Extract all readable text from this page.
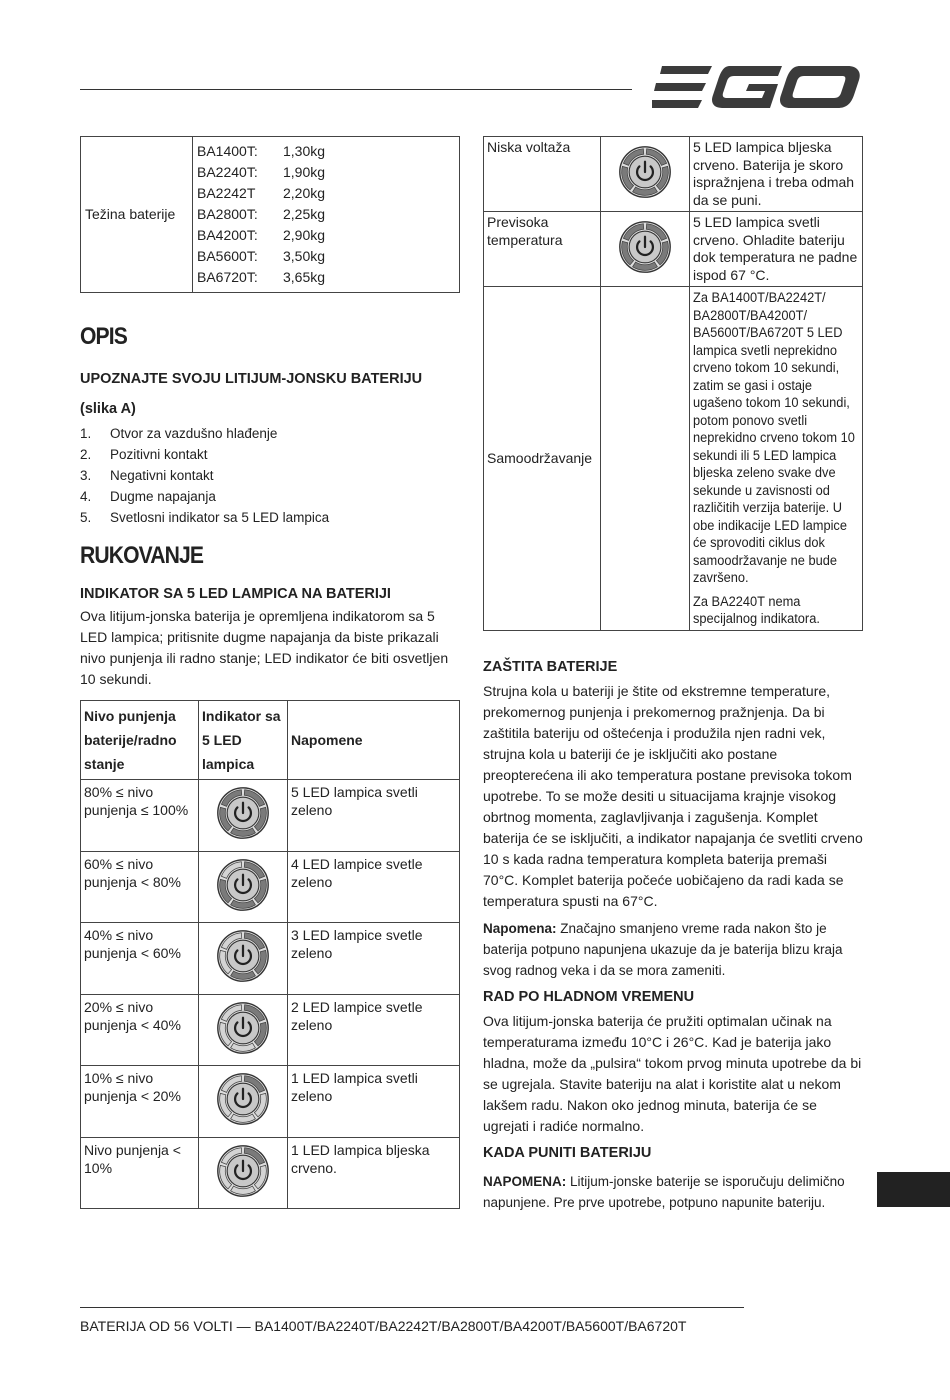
Težina baterije	
BA1400T:	1,30kg
BA2240T:	1,90kg
BA2242T	2,20kg
BA2800T:	2,25kg
BA4200T:	2,90kg
BA5600T:	3,50kg
BA6720T:	3,65kg
OPIS
UPOZNAJTE SVOJU LITIJUM-JONSKU BATERIJU
(slika A)
1.	Otvor za vazdušno hlađenje
2.	Pozitivni kontakt
3.	Negativni kontakt
4.	Dugme napajanja
5.	Svetlosni indikator sa 5 LED lampica
RUKOVANJE
INDIKATOR SA 5 LED LAMPICA NA BATERIJI

Ova litijum-jonska baterija je opremljena indikatorom sa 5 LED lampica; pritisnite dugme napajanja da biste prikazali nivo punjenja ili radno stanje; LED indikator će biti osvetljen 10 sekundi.

Nivo punjenja baterije/radno stanje	Indikator sa 5 LED lampica	Napomene
80% ≤ nivo punjenja ≤ 100%		5 LED lampica svetli zeleno
60% ≤ nivo punjenja < 80%		4 LED lampice svetle zeleno
40% ≤ nivo punjenja < 60%		3 LED lampice svetle zeleno
20% ≤ nivo punjenja < 40%		2 LED lampice svetle zeleno
10% ≤ nivo punjenja < 20%		1 LED lampica svetli zeleno
Nivo punjenja < 10%		1 LED lampica bljeska crveno.
Niska voltaža		5 LED lampica bljeska crveno. Baterija je skoro ispražnjena i treba odmah da se puni.
Previsoka temperatura		5 LED lampica svetli crveno. Ohladite bateriju dok temperatura ne padne ispod 67 °C.
Samoodržavanje		Za BA1400T/BA2242T/ BA2800T/BA4200T/ BA5600T/BA6720T 5 LED lampica svetli neprekidno crveno tokom 10 sekundi, zatim se gasi i ostaje ugašeno tokom 10 sekundi, potom ponovo svetli neprekidno crveno tokom 10 sekundi ili 5 LED lampica bljeska zeleno svake dve sekunde u zavisnosti od različitih verzija baterije. U obe indikacije LED lampice će sprovoditi ciklus dok samoodržavanje ne bude završeno.
Za BA2240T nema specijalnog indikatora.
ZAŠTITA BATERIJE

Strujna kola u bateriji je štite od ekstremne temperature, prekomernog punjenja i prekomernog pražnjenja. Da bi zaštitila bateriju od oštećenja i produžila njen radni vek, strujna kola u bateriji će je isključiti ako postane preopterećena ili ako temperatura postane previsoka tokom upotrebe. To se može desiti u situacijama krajnje visokog obrtnog momenta, zaglavljivanja i zagušenja. Komplet baterija će se isključiti, a indikator napajanja će svetliti crveno 10 s kada radna temperatura kompleta baterija premaši 70°C. Komplet baterija počeće uobičajeno da radi kada se temperatura spusti na 67°C.

Napomena: Značajno smanjeno vreme rada nakon što je baterija potpuno napunjena ukazuje da je baterija blizu kraja svog radnog veka i da se mora zameniti.

RAD PO HLADNOM VREMENU

Ova litijum-jonska baterija će pružiti optimalan učinak na temperaturama između 10°C i 26°C. Kad je baterija jako hladna, može da „pulsira“ tokom prvog minuta upotrebe da bi se ugrejala. Stavite bateriju na alat i koristite alat u nekom lakšem radu. Nakon oko jednog minuta, baterija će se ugrejati i radiće normalno.

KADA PUNITI BATERIJU

NAPOMENA: Litijum-jonske baterije se isporučuju delimično napunjene. Pre prve upotrebe, potpuno napunite bateriju.

BATERIJA OD 56 VOLTI — BA1400T/BA2240T/BA2242T/BA2800T/BA4200T/BA5600T/BA6720T
